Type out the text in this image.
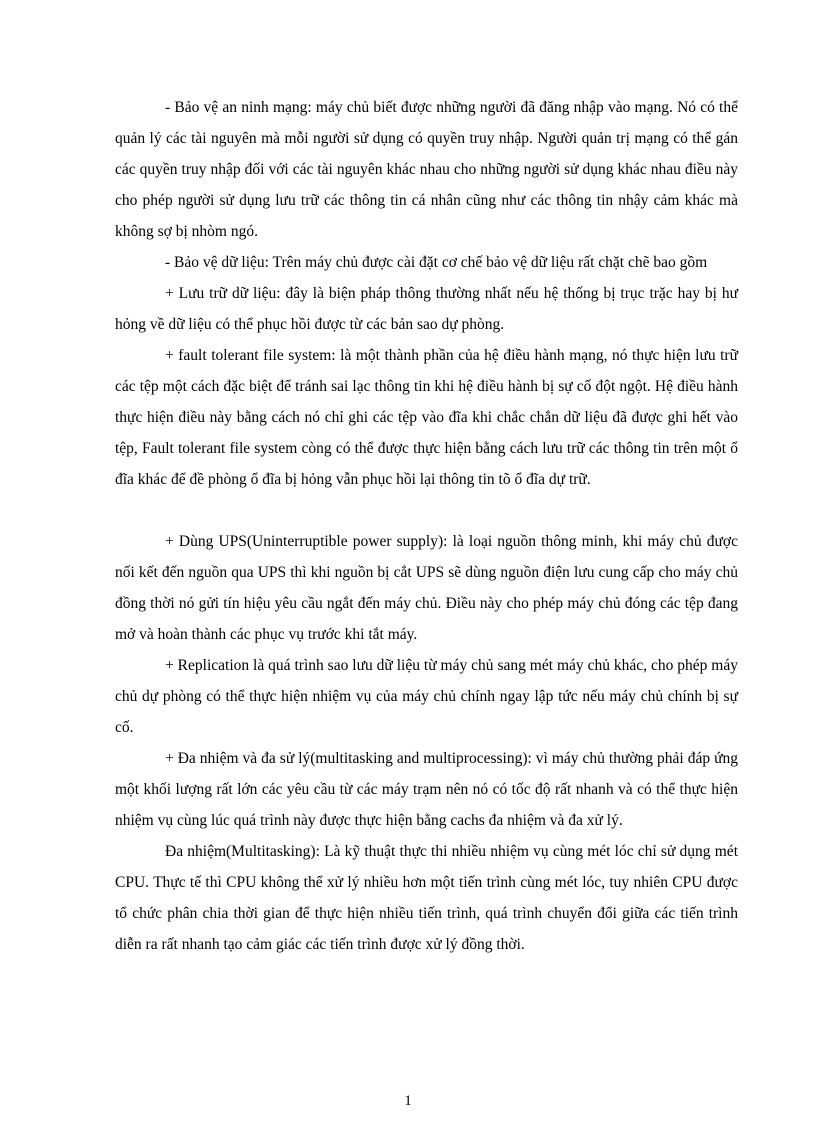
- Bảo vệ an ninh mạng: máy chủ biết được những người đã đăng nhập vào mạng. Nó có thể quản lý các tài nguyên mà mỗi người sử dụng có quyền truy nhập. Người quản trị mạng có thể gán các quyền truy nhập đối với các tài nguyên khác nhau cho những người sử dụng khác nhau điều này cho phép người sử dụng lưu trữ các thông tin cá nhân cũng như các thông tin nhậy cảm khác mà không sợ bị nhòm ngó.

- Bảo vệ dữ liệu: Trên máy chủ được cài đặt cơ chế bảo vệ dữ liệu rất chặt chẽ bao gồm

+ Lưu trữ dữ liệu: đây là biện pháp thông thường nhất nếu hệ thống bị trục trặc hay bị hư hỏng về dữ liệu có thể phục hồi được từ các bản sao dự phòng.

+ fault tolerant file system: là một thành phần của hệ điều hành mạng, nó thực hiện lưu trữ các tệp một cách đặc biệt để tránh sai lạc thông tin khi hệ điều hành bị sự cố đột ngột. Hệ điều hành thực hiện điều này bằng cách nó chỉ ghi các tệp vào đĩa khi chắc chắn dữ liệu đã được ghi hết vào tệp, Fault tolerant file system còng có thể được thực hiện bằng cách lưu trữ các thông tin trên một ổ đĩa khác để đề phòng ổ đĩa bị hỏng vẫn phục hồi lại thông tin tõ ổ đĩa dự trữ.

+ Dùng UPS(Uninterruptible power supply): là loại nguồn thông minh, khi máy chủ được nối kết đến nguồn qua UPS thì khi nguồn bị cắt UPS sẽ dùng nguồn điện lưu cung cấp cho máy chủ đồng thời nó gửi tín hiệu yêu cầu ngắt đến máy chủ. Điều này cho phép máy chủ đóng các tệp đang mở và hoàn thành các phục vụ trước khi tắt máy.

+ Replication là quá trình sao lưu dữ liệu từ máy chủ sang mét máy chủ khác, cho phép máy chủ dự phòng có thể thực hiện nhiệm vụ của máy chủ chính ngay lập tức nếu máy chủ chính bị sự cố.

+ Đa nhiệm và đa sử lý(multitasking and multiprocessing): vì máy chủ thường phải đáp ứng một khối lượng rất lớn các yêu cầu từ các máy trạm nên nó có tốc độ rất nhanh và có thể thực hiện nhiệm vụ cùng lúc quá trình này được thực hiện bằng cachs đa nhiệm và đa xử lý.

Đa nhiệm(Multitasking): Là kỹ thuật thực thi nhiều nhiệm vụ cùng mét lóc chỉ sử dụng mét CPU. Thực tế thì CPU không thể xử lý nhiều hơn một tiến trình cùng mét lóc, tuy nhiên CPU được tổ chức phân chia thời gian để thực hiện nhiều tiến trình, quá trình chuyển đổi giữa các tiến trình diễn ra rất nhanh tạo cảm giác các tiến trình được xử lý đồng thời.

1
